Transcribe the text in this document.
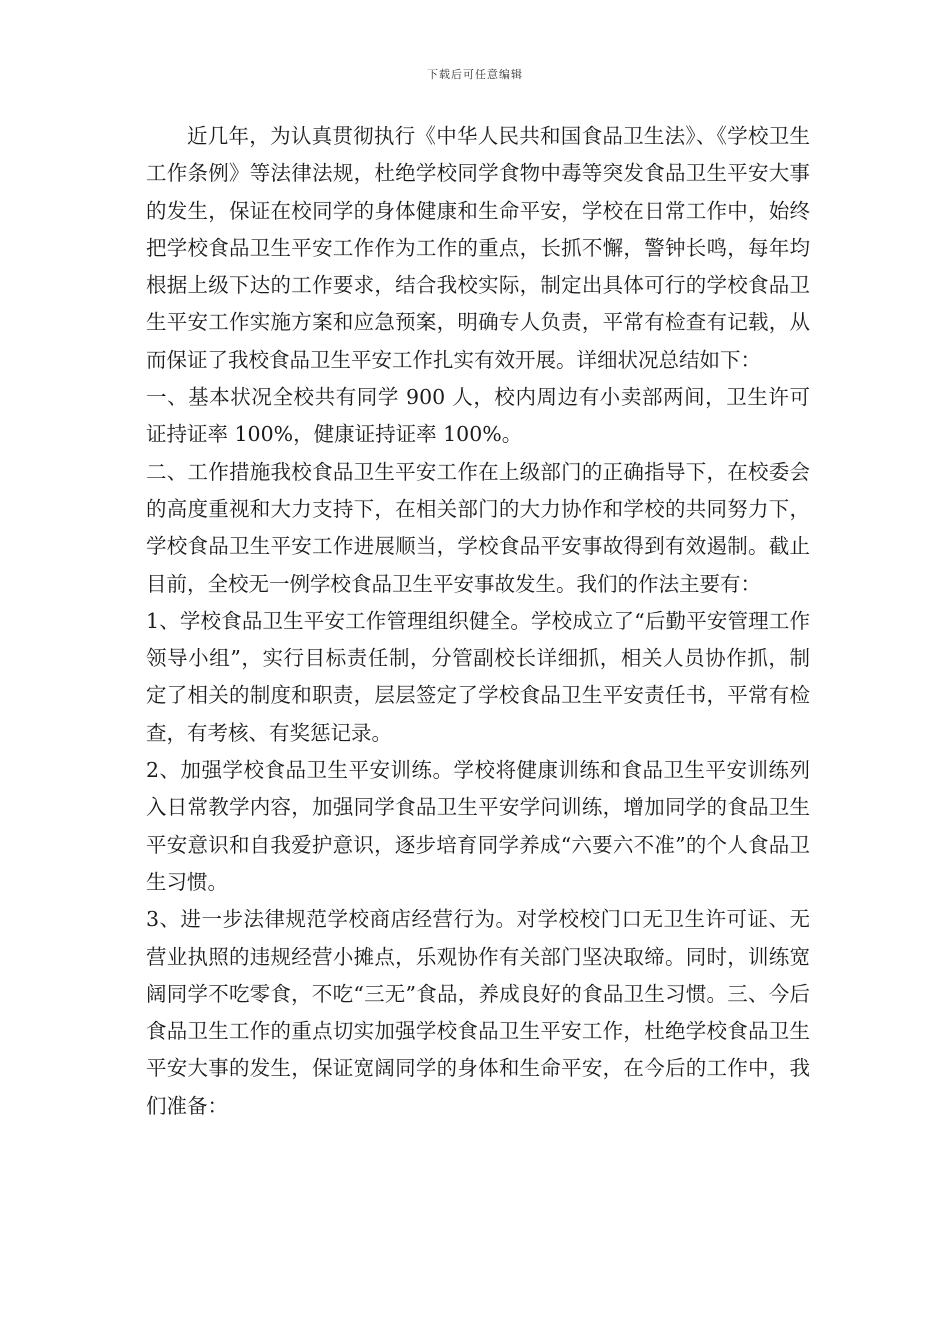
下载后可任意编辑

近几年，为认真贯彻执行《中华人民共和国食品卫生法》、《学校卫生工作条例》等法律法规，杜绝学校同学食物中毒等突发食品卫生平安大事的发生，保证在校同学的身体健康和生命平安，学校在日常工作中，始终把学校食品卫生平安工作作为工作的重点，长抓不懈，警钟长鸣，每年均根据上级下达的工作要求，结合我校实际，制定出具体可行的学校食品卫生平安工作实施方案和应急预案，明确专人负责，平常有检查有记载，从而保证了我校食品卫生平安工作扎实有效开展。详细状况总结如下：

一、基本状况全校共有同学 900 人，校内周边有小卖部两间，卫生许可证持证率 100%，健康证持证率 100%。

二、工作措施我校食品卫生平安工作在上级部门的正确指导下，在校委会的高度重视和大力支持下，在相关部门的大力协作和学校的共同努力下，学校食品卫生平安工作进展顺当，学校食品平安事故得到有效遏制。截止目前，全校无一例学校食品卫生平安事故发生。我们的作法主要有：

1、学校食品卫生平安工作管理组织健全。学校成立了“后勤平安管理工作领导小组”，实行目标责任制，分管副校长详细抓，相关人员协作抓，制定了相关的制度和职责，层层签定了学校食品卫生平安责任书，平常有检查，有考核、有奖惩记录。

2、加强学校食品卫生平安训练。学校将健康训练和食品卫生平安训练列入日常教学内容，加强同学食品卫生平安学问训练，增加同学的食品卫生平安意识和自我爱护意识，逐步培育同学养成“六要六不准”的个人食品卫生习惯。

3、进一步法律规范学校商店经营行为。对学校校门口无卫生许可证、无营业执照的违规经营小摊点，乐观协作有关部门坚决取缔。同时，训练宽阔同学不吃零食，不吃“三无”食品，养成良好的食品卫生习惯。三、今后食品卫生工作的重点切实加强学校食品卫生平安工作，杜绝学校食品卫生平安大事的发生，保证宽阔同学的身体和生命平安，在今后的工作中，我们准备：
